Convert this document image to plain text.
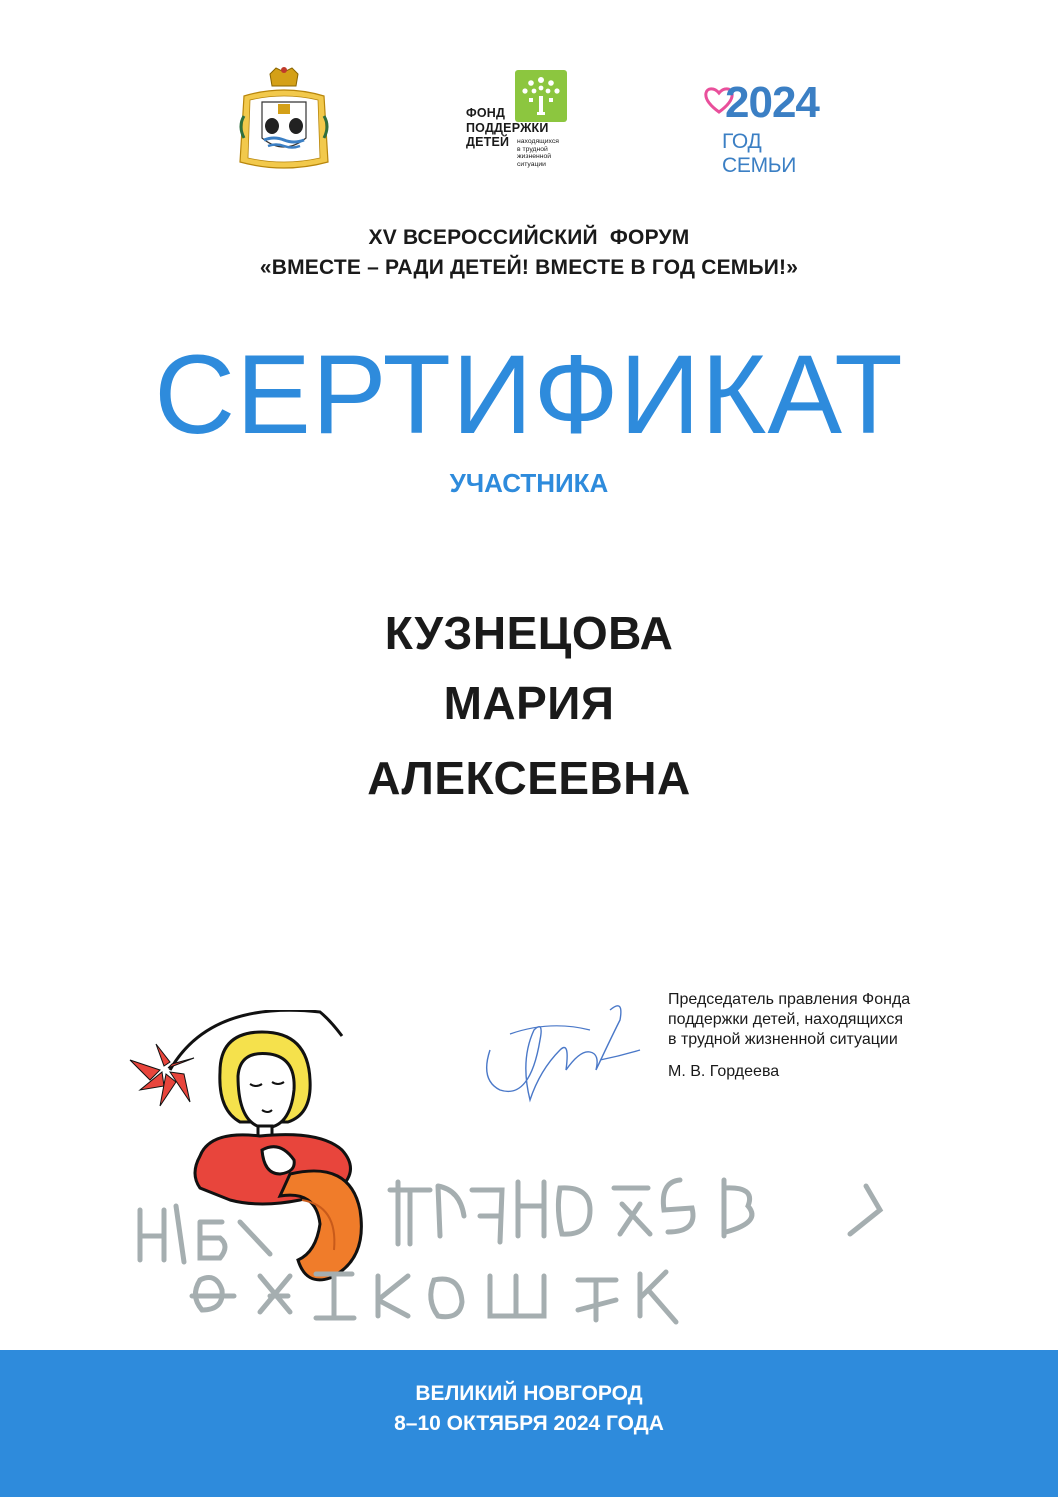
ФОНД
ПОДДЕРЖКИ
ДЕТЕЙ	находящихся
в трудной
жизненной
ситуации
2024
ГОД СЕМЬИ
XV ВСЕРОССИЙСКИЙ  ФОРУМ
«ВМЕСТЕ – РАДИ ДЕТЕЙ! ВМЕСТЕ В ГОД СЕМЬИ!»
СЕРТИФИКАТ
УЧАСТНИКА
КУЗНЕЦОВА
МАРИЯ
АЛЕКСЕЕВНА
Председатель правления Фонда
поддержки детей, находящихся
в трудной жизненной ситуации
М. В. Гордеева
ВЕЛИКИЙ НОВГОРОД
8–10 ОКТЯБРЯ 2024 ГОДА
